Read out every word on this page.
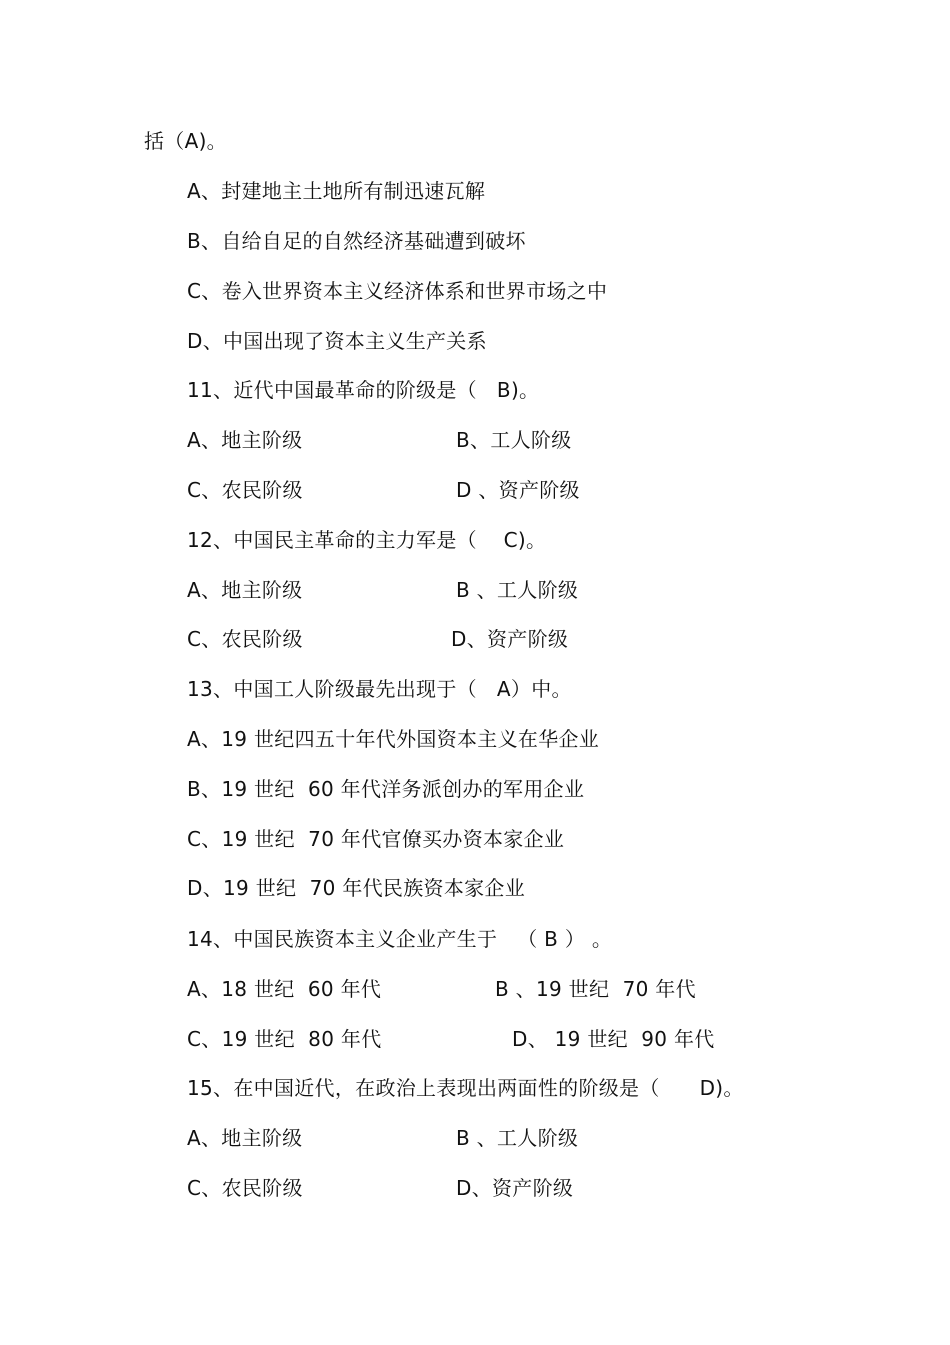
括（A)。
A、封建地主土地所有制迅速瓦解
B、自给自足的自然经济基础遭到破坏
C、卷入世界资本主义经济体系和世界市场之中
D、中国出现了资本主义生产关系
11、近代中国最革命的阶级是（   B)。
A、地主阶级	B、工人阶级
C、农民阶级	D 、资产阶级
12、中国民主革命的主力军是（    C)。
A、地主阶级	B 、工人阶级
C、农民阶级	D、资产阶级
13、中国工人阶级最先出现于（   A）中。
A、19 世纪四五十年代外国资本主义在华企业
B、19 世纪  60 年代洋务派创办的军用企业
C、19 世纪  70 年代官僚买办资本家企业
D、19 世纪  70 年代民族资本家企业
14、中国民族资本主义企业产生于   （ B ） 。
A、18 世纪  60 年代	B 、19 世纪  70 年代
C、19 世纪  80 年代	D、 19 世纪  90 年代
15、在中国近代，在政治上表现出两面性的阶级是（      D)。
A、地主阶级	B 、工人阶级
C、农民阶级	D、资产阶级
